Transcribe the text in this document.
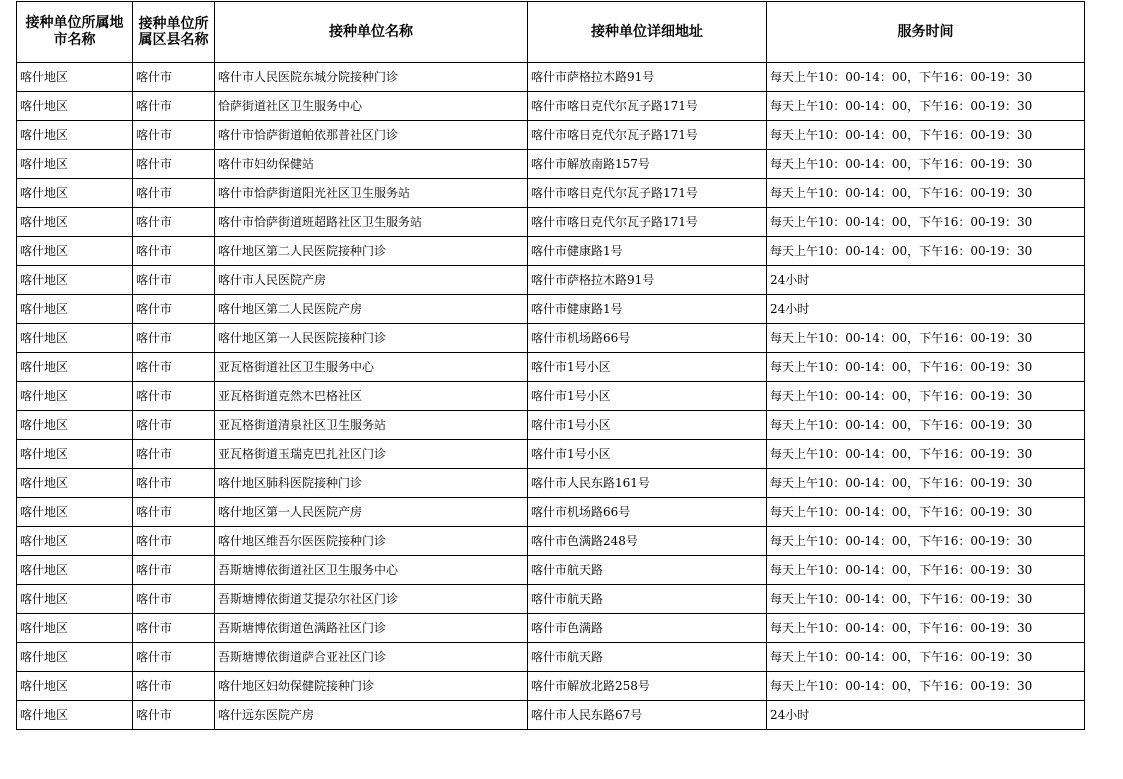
接种单位所属地市名称	接种单位所属区县名称	接种单位名称	接种单位详细地址	服务时间
喀什地区	喀什市	喀什市人民医院东城分院接种门诊	喀什市萨格拉木路91号	每天上午10：00-14：00，下午16：00-19：30
喀什地区	喀什市	恰萨街道社区卫生服务中心	喀什市喀日克代尔瓦子路171号	每天上午10：00-14：00，下午16：00-19：30
喀什地区	喀什市	喀什市恰萨街道帕依那普社区门诊	喀什市喀日克代尔瓦子路171号	每天上午10：00-14：00，下午16：00-19：30
喀什地区	喀什市	喀什市妇幼保健站	喀什市解放南路157号	每天上午10：00-14：00，下午16：00-19：30
喀什地区	喀什市	喀什市恰萨街道阳光社区卫生服务站	喀什市喀日克代尔瓦子路171号	每天上午10：00-14：00，下午16：00-19：30
喀什地区	喀什市	喀什市恰萨街道班超路社区卫生服务站	喀什市喀日克代尔瓦子路171号	每天上午10：00-14：00，下午16：00-19：30
喀什地区	喀什市	喀什地区第二人民医院接种门诊	喀什市健康路1号	每天上午10：00-14：00，下午16：00-19：30
喀什地区	喀什市	喀什市人民医院产房	喀什市萨格拉木路91号	24小时
喀什地区	喀什市	喀什地区第二人民医院产房	喀什市健康路1号	24小时
喀什地区	喀什市	喀什地区第一人民医院接种门诊	喀什市机场路66号	每天上午10：00-14：00，下午16：00-19：30
喀什地区	喀什市	亚瓦格街道社区卫生服务中心	喀什市1号小区	每天上午10：00-14：00，下午16：00-19：30
喀什地区	喀什市	亚瓦格街道克然木巴格社区	喀什市1号小区	每天上午10：00-14：00，下午16：00-19：30
喀什地区	喀什市	亚瓦格街道清泉社区卫生服务站	喀什市1号小区	每天上午10：00-14：00，下午16：00-19：30
喀什地区	喀什市	亚瓦格街道玉瑞克巴扎社区门诊	喀什市1号小区	每天上午10：00-14：00，下午16：00-19：30
喀什地区	喀什市	喀什地区肺科医院接种门诊	喀什市人民东路161号	每天上午10：00-14：00，下午16：00-19：30
喀什地区	喀什市	喀什地区第一人民医院产房	喀什市机场路66号	每天上午10：00-14：00，下午16：00-19：30
喀什地区	喀什市	喀什地区维吾尔医医院接种门诊	喀什市色满路248号	每天上午10：00-14：00，下午16：00-19：30
喀什地区	喀什市	吾斯塘博依街道社区卫生服务中心	喀什市航天路	每天上午10：00-14：00，下午16：00-19：30
喀什地区	喀什市	吾斯塘博依街道艾提尕尔社区门诊	喀什市航天路	每天上午10：00-14：00，下午16：00-19：30
喀什地区	喀什市	吾斯塘博依街道色满路社区门诊	喀什市色满路	每天上午10：00-14：00，下午16：00-19：30
喀什地区	喀什市	吾斯塘博依街道萨合亚社区门诊	喀什市航天路	每天上午10：00-14：00，下午16：00-19：30
喀什地区	喀什市	喀什地区妇幼保健院接种门诊	喀什市解放北路258号	每天上午10：00-14：00，下午16：00-19：30
喀什地区	喀什市	喀什远东医院产房	喀什市人民东路67号	24小时
